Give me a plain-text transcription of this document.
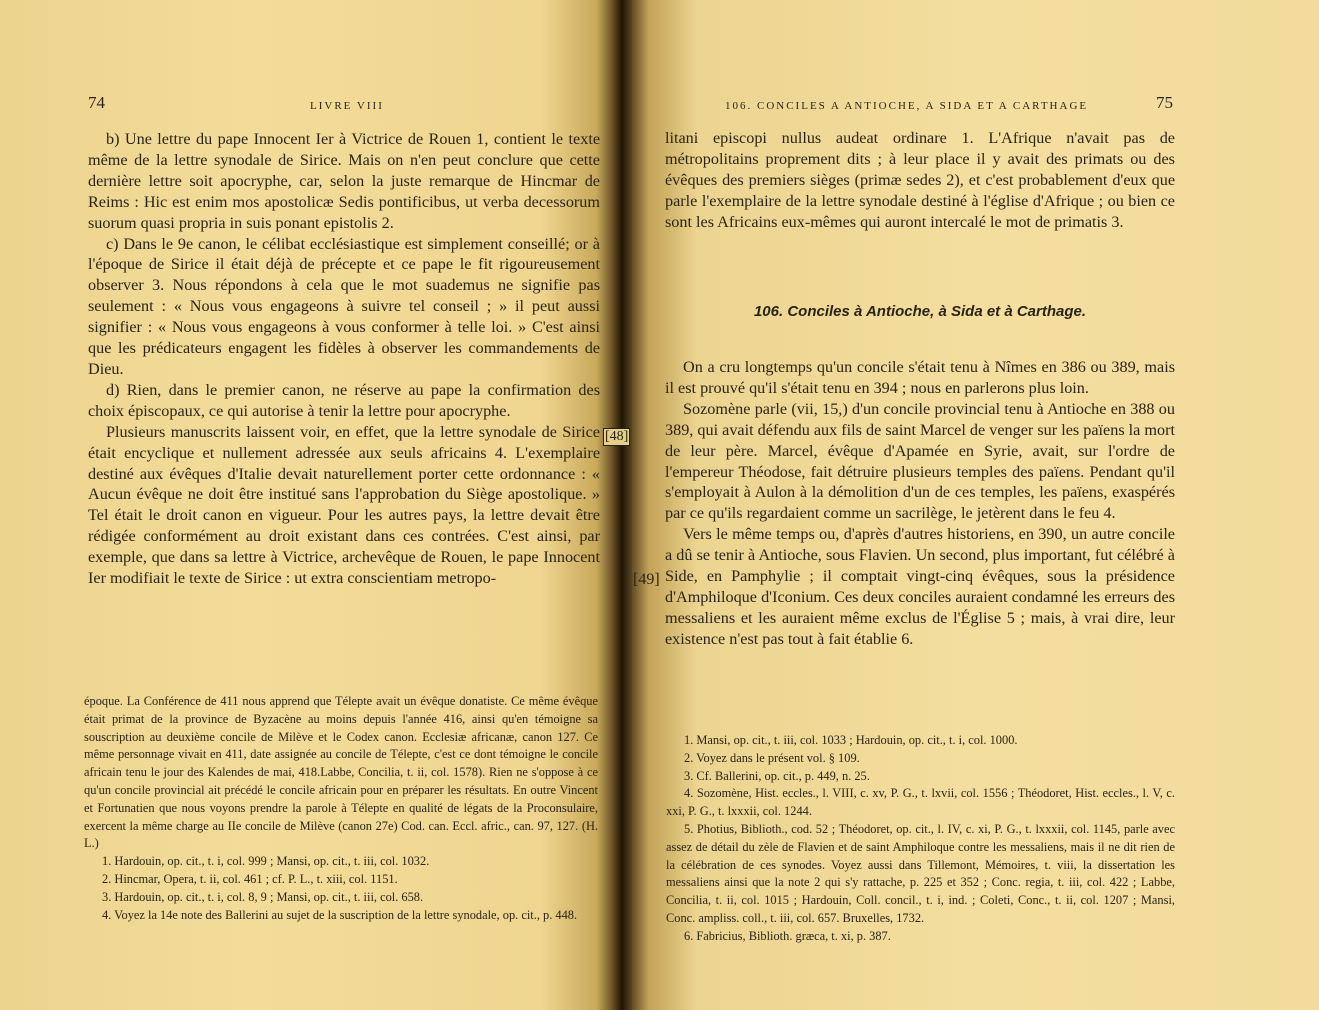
74	LIVRE VIII

b) Une lettre du pape Innocent Ier à Victrice de Rouen 1, contient le texte même de la lettre synodale de Sirice. Mais on n'en peut conclure que cette dernière lettre soit apocryphe, car, selon la juste remarque de Hincmar de Reims : Hic est enim mos apostolicæ Sedis pontificibus, ut verba decessorum suorum quasi propria in suis ponant epistolis 2.

c) Dans le 9e canon, le célibat ecclésiastique est simplement conseillé; or à l'époque de Sirice il était déjà de précepte et ce pape le fit rigoureusement observer 3. Nous répondons à cela que le mot suademus ne signifie pas seulement : « Nous vous engageons à suivre tel conseil ; » il peut aussi signifier : « Nous vous engageons à vous conformer à telle loi. » C'est ainsi que les prédicateurs engagent les fidèles à observer les commandements de Dieu.

d) Rien, dans le premier canon, ne réserve au pape la confirmation des choix épiscopaux, ce qui autorise à tenir la lettre pour apocryphe.

Plusieurs manuscrits laissent voir, en effet, que la lettre synodale de Sirice était encyclique et nullement adressée aux seuls africains 4. L'exemplaire destiné aux évêques d'Italie devait naturellement porter cette ordonnance : « Aucun évêque ne doit être institué sans l'approbation du Siège apostolique. » Tel était le droit canon en vigueur. Pour les autres pays, la lettre devait être rédigée conformément au droit existant dans ces contrées. C'est ainsi, par exemple, que dans sa lettre à Victrice, archevêque de Rouen, le pape Innocent Ier modifiait le texte de Sirice : ut extra conscientiam metropo-

époque. La Conférence de 411 nous apprend que Télepte avait un évêque donatiste. Ce même évêque était primat de la province de Byzacène au moins depuis l'année 416, ainsi qu'en témoigne sa souscription au deuxième concile de Milève et le Codex canon. Ecclesiæ africanæ, canon 127. Ce même personnage vivait en 411, date assignée au concile de Télepte, c'est ce dont témoigne le concile africain tenu le jour des Kalendes de mai, 418.Labbe, Concilia, t. ii, col. 1578). Rien ne s'oppose à ce qu'un concile provincial ait précédé le concile africain pour en préparer les résultats. En outre Vincent et Fortunatien que nous voyons prendre la parole à Télepte en qualité de légats de la Proconsulaire, exercent la même charge au IIe concile de Milève (canon 27e) Cod. can. Eccl. afric., can. 97, 127. (H. L.)

1. Hardouin, op. cit., t. i, col. 999 ; Mansi, op. cit., t. iii, col. 1032.

2. Hincmar, Opera, t. ii, col. 461 ; cf. P. L., t. xiii, col. 1151.

3. Hardouin, op. cit., t. i, col. 8, 9 ; Mansi, op. cit., t. iii, col. 658.

4. Voyez la 14e note des Ballerini au sujet de la suscription de la lettre synodale, op. cit., p. 448.

[48]
106. CONCILES A ANTIOCHE, A SIDA ET A CARTHAGE	75

litani episcopi nullus audeat ordinare 1. L'Afrique n'avait pas de métropolitains proprement dits ; à leur place il y avait des primats ou des évêques des premiers sièges (primæ sedes 2), et c'est probablement d'eux que parle l'exemplaire de la lettre synodale destiné à l'église d'Afrique ; ou bien ce sont les Africains eux-mêmes qui auront intercalé le mot de primatis 3.

106. Conciles à Antioche, à Sida et à Carthage.

On a cru longtemps qu'un concile s'était tenu à Nîmes en 386 ou 389, mais il est prouvé qu'il s'était tenu en 394 ; nous en parlerons plus loin.

Sozomène parle (vii, 15,) d'un concile provincial tenu à Antioche en 388 ou 389, qui avait défendu aux fils de saint Marcel de venger sur les païens la mort de leur père. Marcel, évêque d'Apamée en Syrie, avait, sur l'ordre de l'empereur Théodose, fait détruire plusieurs temples des païens. Pendant qu'il s'employait à Aulon à la démolition d'un de ces temples, les païens, exaspérés par ce qu'ils regardaient comme un sacrilège, le jetèrent dans le feu 4.

Vers le même temps ou, d'après d'autres historiens, en 390, un autre concile a dû se tenir à Antioche, sous Flavien. Un second, plus important, fut célébré à Side, en Pamphylie ; il comptait vingt-cinq évêques, sous la présidence d'Amphiloque d'Iconium. Ces deux conciles auraient condamné les erreurs des messaliens et les auraient même exclus de l'Église 5 ; mais, à vrai dire, leur existence n'est pas tout à fait établie 6.

[49]

1. Mansi, op. cit., t. iii, col. 1033 ; Hardouin, op. cit., t. i, col. 1000.

2. Voyez dans le présent vol. § 109.

3. Cf. Ballerini, op. cit., p. 449, n. 25.

4. Sozomène, Hist. eccles., l. VIII, c. xv, P. G., t. lxvii, col. 1556 ; Théodoret, Hist. eccles., l. V, c. xxi, P. G., t. lxxxii, col. 1244.

5. Photius, Biblioth., cod. 52 ; Théodoret, op. cit., l. IV, c. xi, P. G., t. lxxxii, col. 1145, parle avec assez de détail du zèle de Flavien et de saint Amphiloque contre les messaliens, mais il ne dit rien de la célébration de ces synodes. Voyez aussi dans Tillemont, Mémoires, t. viii, la dissertation les messaliens ainsi que la note 2 qui s'y rattache, p. 225 et 352 ; Conc. regia, t. iii, col. 422 ; Labbe, Concilia, t. ii, col. 1015 ; Hardouin, Coll. concil., t. i, ind. ; Coleti, Conc., t. ii, col. 1207 ; Mansi, Conc. ampliss. coll., t. iii, col. 657. Bruxelles, 1732.

6. Fabricius, Biblioth. græca, t. xi, p. 387.
